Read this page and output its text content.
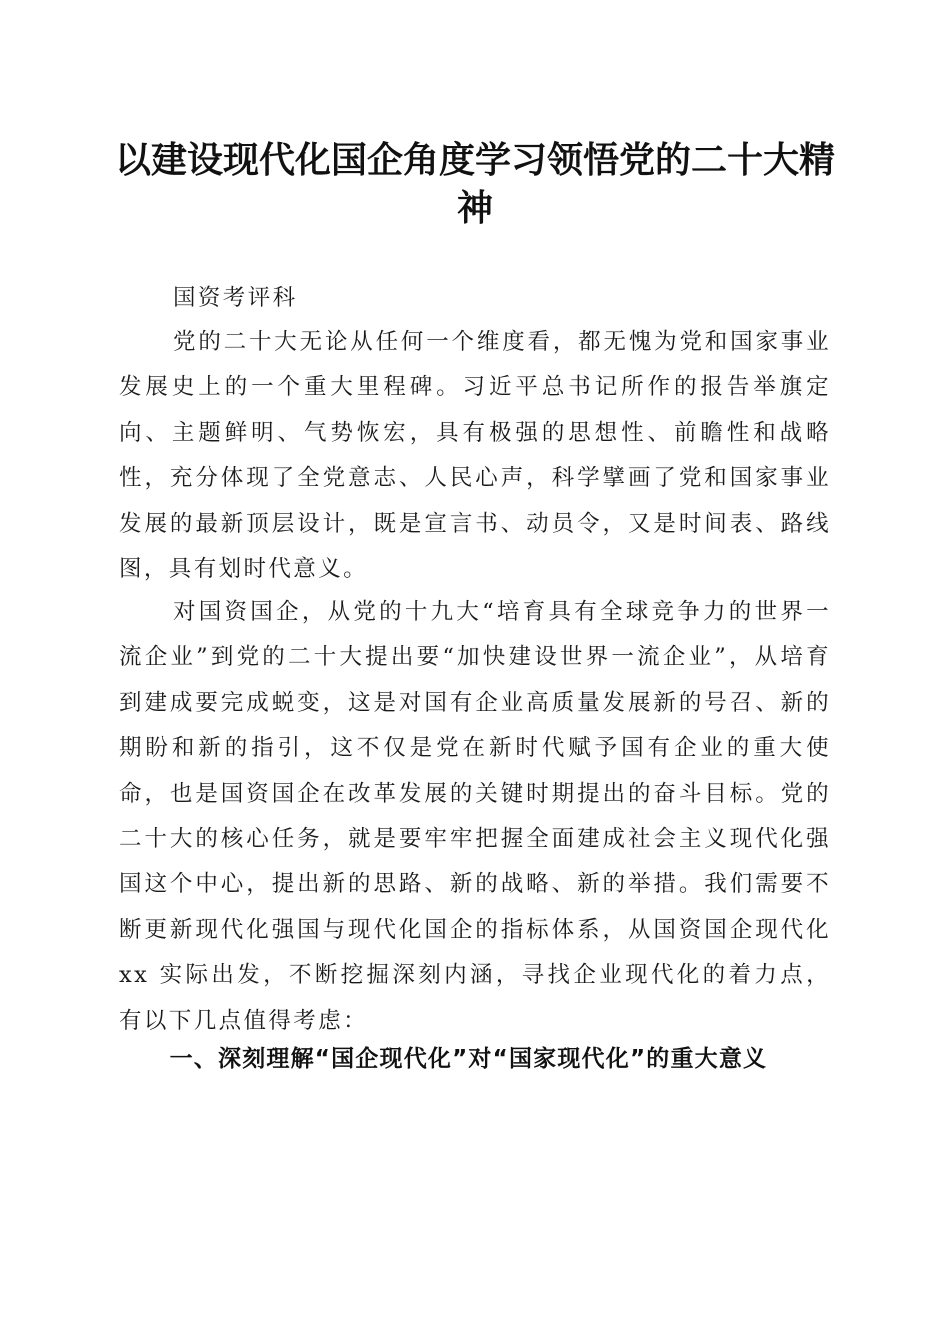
以建设现代化国企角度学习领悟党的二十大精神

国资考评科

党的二十大无论从任何一个维度看，都无愧为党和国家事业发展史上的一个重大里程碑。习近平总书记所作的报告举旗定向、主题鲜明、气势恢宏，具有极强的思想性、前瞻性和战略性，充分体现了全党意志、人民心声，科学擘画了党和国家事业发展的最新顶层设计，既是宣言书、动员令，又是时间表、路线图，具有划时代意义。

对国资国企，从党的十九大“培育具有全球竞争力的世界一流企业”到党的二十大提出要“加快建设世界一流企业”，从培育到建成要完成蜕变，这是对国有企业高质量发展新的号召、新的期盼和新的指引，这不仅是党在新时代赋予国有企业的重大使命，也是国资国企在改革发展的关键时期提出的奋斗目标。党的二十大的核心任务，就是要牢牢把握全面建成社会主义现代化强国这个中心，提出新的思路、新的战略、新的举措。我们需要不断更新现代化强国与现代化国企的指标体系，从国资国企现代化 xx 实际出发，不断挖掘深刻内涵，寻找企业现代化的着力点，有以下几点值得考虑：

一、深刻理解“国企现代化”对“国家现代化”的重大意义
